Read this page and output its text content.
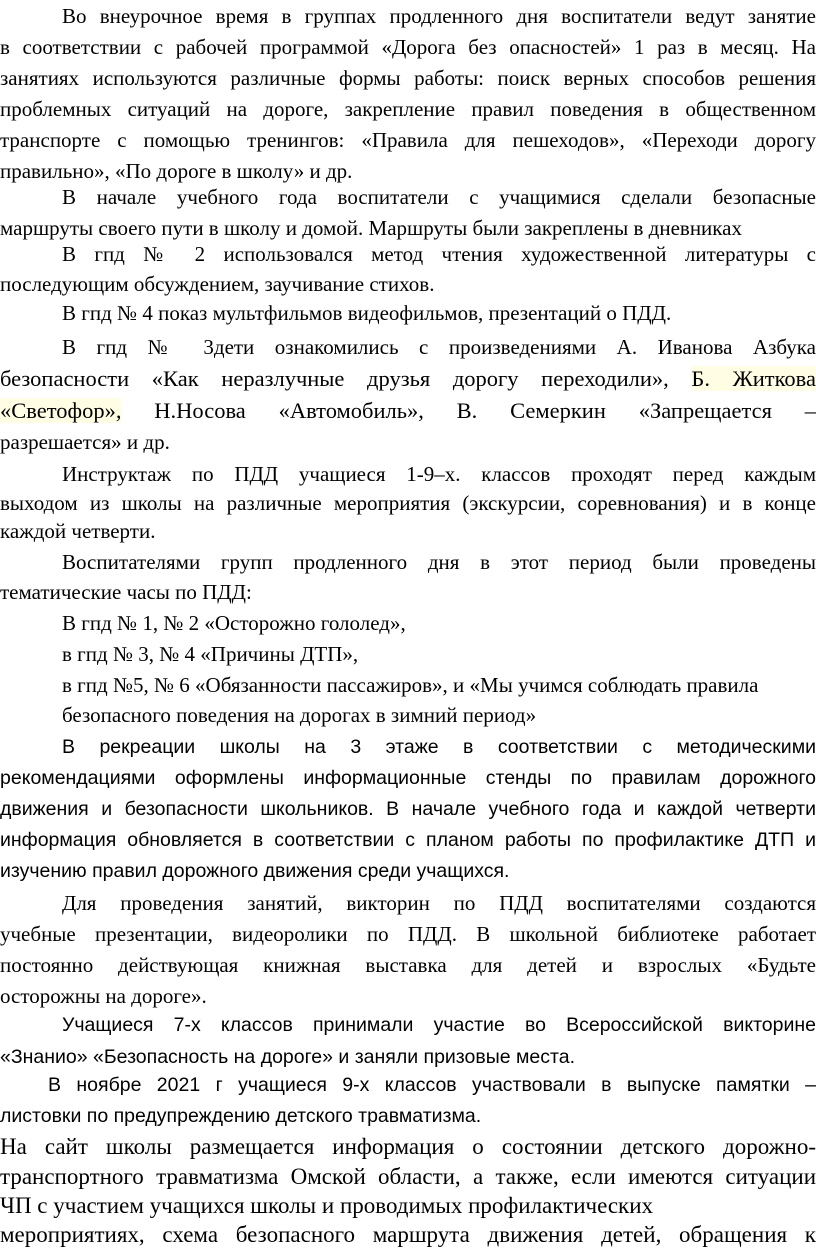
Во внеурочное время в группах продленного дня воспитатели ведут занятие
в соответствии с рабочей программой «Дорога без опасностей» 1 раз в месяц. На
занятиях используются различные формы работы: поиск верных способов решения
проблемных ситуаций на дороге, закрепление правил поведения в общественном
транспорте с помощью тренингов: «Правила для пешеходов», «Переходи дорогу
правильно», «По дороге в школу» и др.
В начале учебного года воспитатели с учащимися сделали безопасные
маршруты своего пути в школу и домой. Маршруты были закреплены в дневниках
В гпд № 2 использовался метод чтения художественной литературы с
последующим обсуждением, заучивание стихов.
В гпд № 4 показ мультфильмов видеофильмов, презентаций о ПДД.
В гпд № 3дети ознакомились с произведениями А. Иванова Азбука
безопасности «Как неразлучные друзья дорогу переходили», Б. Житкова
«Светофор», Н.Носова «Автомобиль», В. Семеркин «Запрещается –
разрешается» и др.
Инструктаж по ПДД учащиеся 1-9–х. классов проходят перед каждым
выходом из школы на различные мероприятия (экскурсии, соревнования) и в конце
каждой четверти.
Воспитателями групп продленного дня в этот период были проведены
тематические часы по ПДД:
В гпд № 1, № 2 «Осторожно гололед»,
в гпд № 3, № 4 «Причины ДТП»,
в гпд №5, № 6 «Обязанности пассажиров», и «Мы учимся соблюдать правила
безопасного поведения на дорогах в зимний период»
В рекреации школы на 3 этаже в соответствии с методическими
рекомендациями оформлены информационные стенды по правилам дорожного
движения и безопасности школьников. В начале учебного года и каждой четверти
информация обновляется в соответствии с планом работы по профилактике ДТП и
изучению правил дорожного движения среди учащихся.
Для проведения занятий, викторин по ПДД воспитателями создаются
учебные презентации, видеоролики по ПДД. В школьной библиотеке работает
постоянно действующая книжная выставка для детей и взрослых «Будьте
осторожны на дороге».
Учащиеся 7-х классов принимали участие во Всероссийской викторине
«Знанио» «Безопасность на дороге» и заняли призовые места.
В ноябре 2021 г учащиеся 9-х классов участвовали в выпуске памятки –
листовки по предупреждению детского травматизма.
На сайт школы размещается информация о состоянии детского дорожно-
транспортного травматизма Омской области, а также, если имеются ситуации
ЧП с участием учащихся школы и проводимых профилактических
мероприятиях, схема безопасного маршрута движения детей, обращения к
